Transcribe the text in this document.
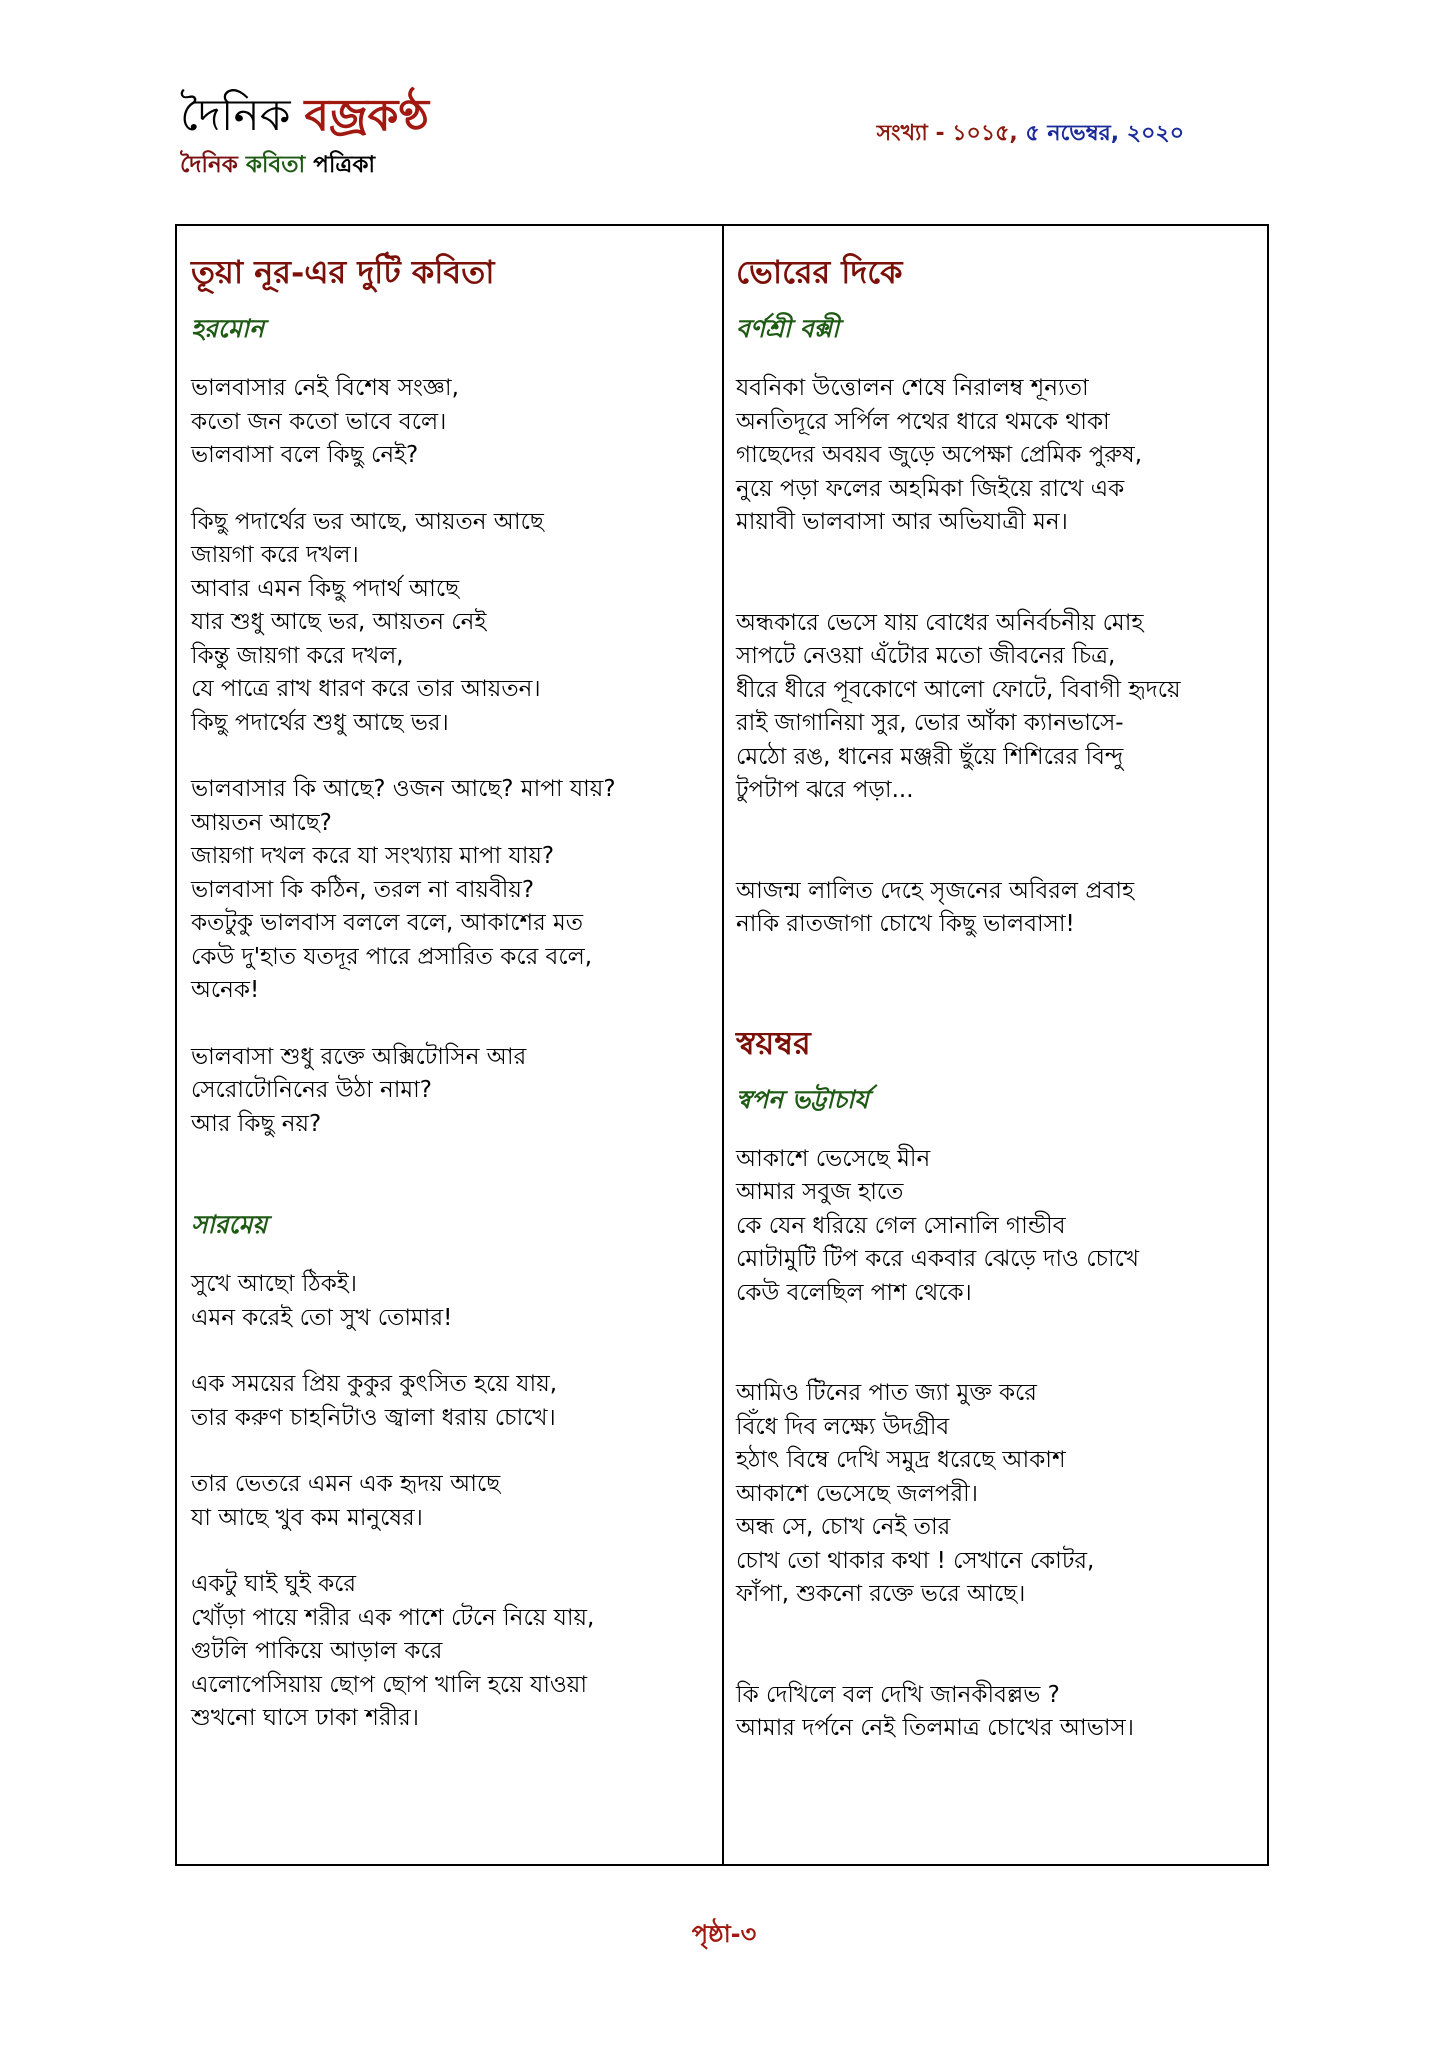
দৈনিক বজ্রকণ্ঠ
দৈনিক কবিতা পত্রিকা
সংখ্যা - ১০১৫, ৫ নভেম্বর, ২০২০
তূয়া নূর-এর দুটি কবিতা
হরমোন
ভালবাসার নেই বিশেষ সংজ্ঞা,
কতো জন কতো ভাবে বলে।
ভালবাসা বলে কিছু নেই?
কিছু পদার্থের ভর আছে, আয়তন আছে
জায়গা করে দখল।
আবার এমন কিছু পদার্থ আছে
যার শুধু আছে ভর, আয়তন নেই
কিন্তু জায়গা করে দখল,
যে পাত্রে রাখ ধারণ করে তার আয়তন।
কিছু পদার্থের শুধু আছে ভর।
ভালবাসার কি আছে? ওজন আছে? মাপা যায়?
আয়তন আছে?
জায়গা দখল করে যা সংখ্যায় মাপা যায়?
ভালবাসা কি কঠিন, তরল না বায়বীয়?
কতটুকু ভালবাস বললে বলে, আকাশের মত
কেউ দু'হাত যতদূর পারে প্রসারিত করে বলে,
অনেক!
ভালবাসা শুধু রক্তে অক্সিটোসিন আর
সেরোটোনিনের উঠা নামা?
আর কিছু নয়?
সারমেয়
সুখে আছো ঠিকই।
এমন করেই তো সুখ তোমার!
এক সময়ের প্রিয় কুকুর কুৎসিত হয়ে যায়,
তার করুণ চাহনিটাও জ্বালা ধরায় চোখে।
তার ভেতরে এমন এক হৃদয় আছে
যা আছে খুব কম মানুষের।
একটু ঘাই ঘুই করে
খোঁড়া পায়ে শরীর এক পাশে টেনে নিয়ে যায়,
গুটলি পাকিয়ে আড়াল করে
এলোপেসিয়ায় ছোপ ছোপ খালি হয়ে যাওয়া
শুখনো ঘাসে ঢাকা শরীর।
ভোরের দিকে
বর্ণশ্রী বক্সী
যবনিকা উত্তোলন শেষে নিরালম্ব শূন্যতা
অনতিদূরে সর্পিল পথের ধারে থমকে থাকা
গাছেদের অবয়ব জুড়ে অপেক্ষা প্রেমিক পুরুষ,
নুয়ে পড়া ফলের অহমিকা জিইয়ে রাখে এক
মায়াবী ভালবাসা আর অভিযাত্রী মন।
অন্ধকারে ভেসে যায় বোধের অনির্বচনীয় মোহ
সাপটে নেওয়া এঁটোর মতো জীবনের চিত্র,
ধীরে ধীরে পূবকোণে আলো ফোটে, বিবাগী হৃদয়ে
রাই জাগানিয়া সুর, ভোর আঁকা ক্যানভাসে-
মেঠো রঙ, ধানের মঞ্জরী ছুঁয়ে শিশিরের বিন্দু
টুপটাপ ঝরে পড়া...
আজন্ম লালিত দেহে সৃজনের অবিরল প্রবাহ
নাকি রাতজাগা চোখে কিছু ভালবাসা!
স্বয়ম্বর
স্বপন ভট্টাচার্য
আকাশে ভেসেছে মীন
আমার সবুজ হাতে
কে যেন ধরিয়ে গেল সোনালি গান্ডীব
মোটামুটি টিপ করে একবার ঝেড়ে দাও চোখে
কেউ বলেছিল পাশ থেকে।
আমিও টিনের পাত জ্যা মুক্ত করে
বিঁধে দিব লক্ষ্যে উদগ্রীব
হঠাৎ বিম্বে দেখি সমুদ্র ধরেছে আকাশ
আকাশে ভেসেছে জলপরী।
অন্ধ সে, চোখ নেই তার
চোখ তো থাকার কথা ! সেখানে কোটর,
ফাঁপা, শুকনো রক্তে ভরে আছে।
কি দেখিলে বল দেখি জানকীবল্লভ ?
আমার দর্পনে নেই তিলমাত্র চোখের আভাস।
পৃষ্ঠা-৩
